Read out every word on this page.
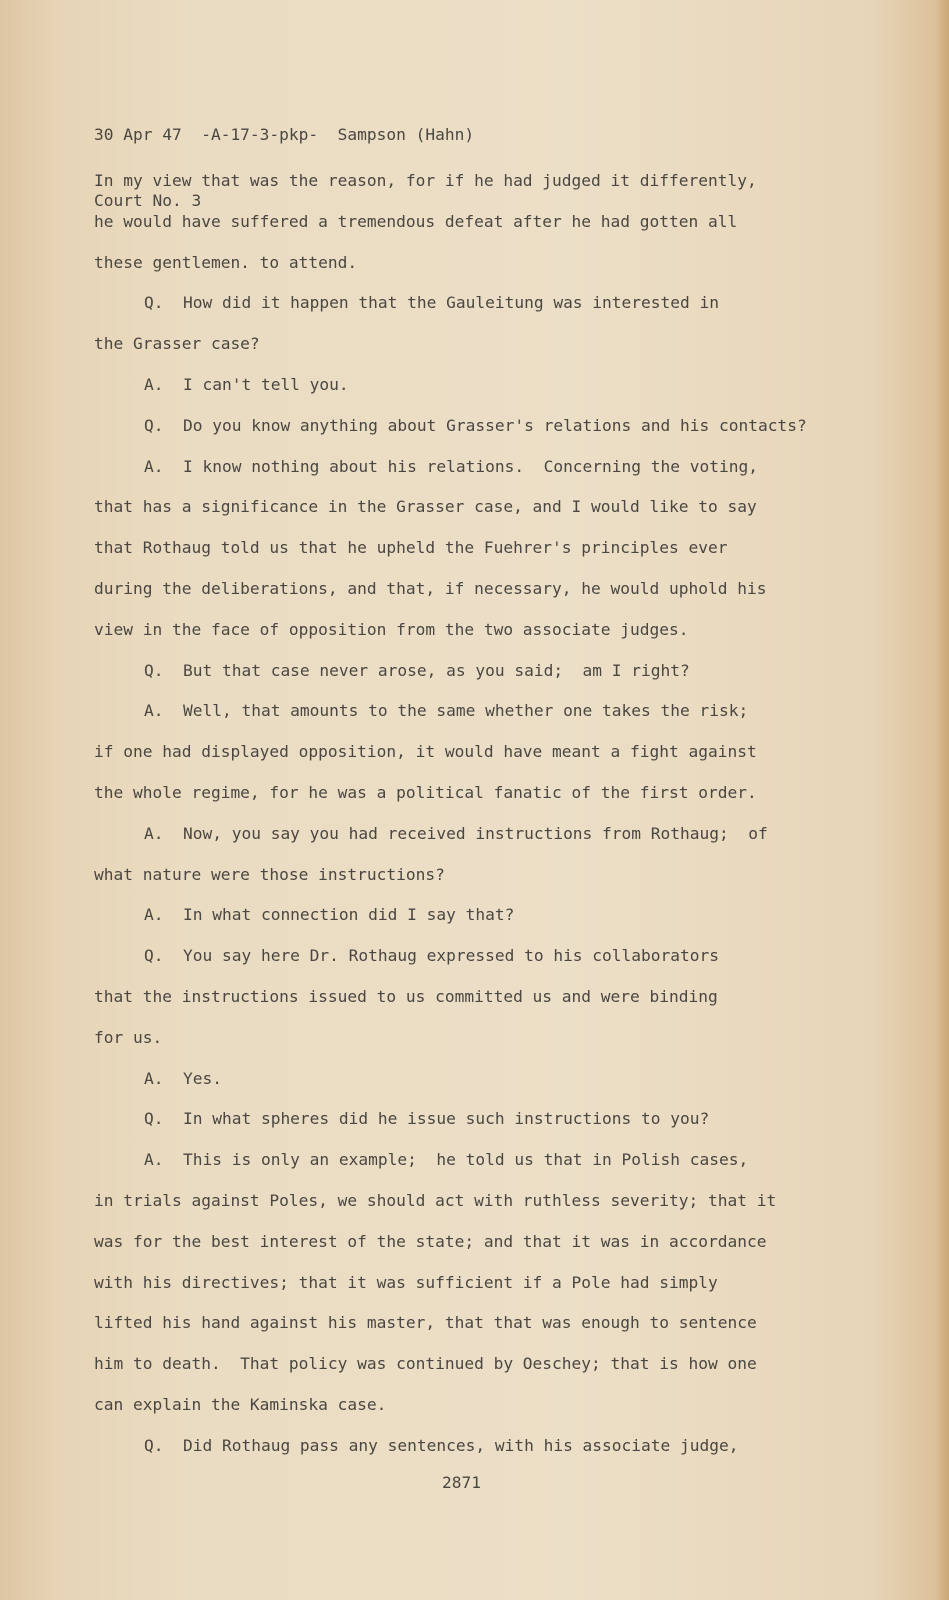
30 Apr 47  -A-17-3-pkp-  Sampson (Hahn)

Court No. 3

In my view that was the reason, for if he had judged it differently,
he would have suffered a tremendous defeat after he had gotten all
these gentlemen. to attend.
Q.  How did it happen that the Gauleitung was interested in
the Grasser case?
A.  I can't tell you.
Q.  Do you know anything about Grasser's relations and his contacts?
A.  I know nothing about his relations.  Concerning the voting,
that has a significance in the Grasser case, and I would like to say
that Rothaug told us that he upheld the Fuehrer's principles ever
during the deliberations, and that, if necessary, he would uphold his
view in the face of opposition from the two associate judges.
Q.  But that case never arose, as you said;  am I right?
A.  Well, that amounts to the same whether one takes the risk;
if one had displayed opposition, it would have meant a fight against
the whole regime, for he was a political fanatic of the first order.
A.  Now, you say you had received instructions from Rothaug;  of
what nature were those instructions?
A.  In what connection did I say that?
Q.  You say here Dr. Rothaug expressed to his collaborators
that the instructions issued to us committed us and were binding
for us.
A.  Yes.
Q.  In what spheres did he issue such instructions to you?
A.  This is only an example;  he told us that in Polish cases,
in trials against Poles, we should act with ruthless severity; that it
was for the best interest of the state; and that it was in accordance
with his directives; that it was sufficient if a Pole had simply
lifted his hand against his master, that that was enough to sentence
him to death.  That policy was continued by Oeschey; that is how one
can explain the Kaminska case.
Q.  Did Rothaug pass any sentences, with his associate judge,
2871
